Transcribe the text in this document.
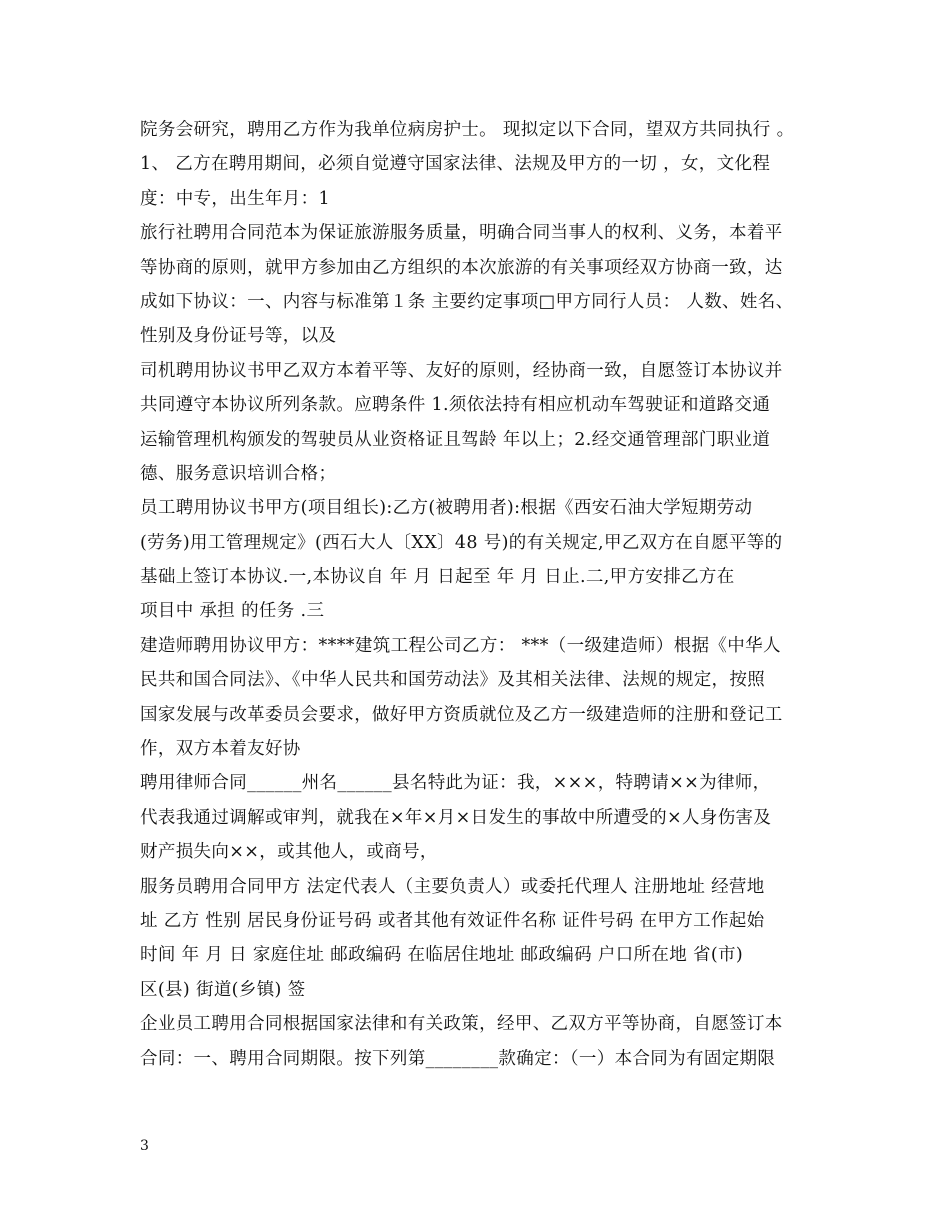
院务会研究，聘用乙方作为我单位病房护士。 现拟定以下合同，望双方共同执行 。
1、 乙方在聘用期间，必须自觉遵守国家法律、法规及甲方的一切 ，女，文化程
度：中专，出生年月：1
旅行社聘用合同范本为保证旅游服务质量，明确合同当事人的权利、义务，本着平
等协商的原则，就甲方参加由乙方组织的本次旅游的有关事项经双方协商一致，达
成如下协议：一、内容与标准第１条 主要约定事项□甲方同行人员： 人数、姓名、
性别及身份证号等，以及
司机聘用协议书甲乙双方本着平等、友好的原则，经协商一致，自愿签订本协议并
共同遵守本协议所列条款。应聘条件 1.须依法持有相应机动车驾驶证和道路交通
运输管理机构颁发的驾驶员从业资格证且驾龄 年以上；2.经交通管理部门职业道
德、服务意识培训合格；
员工聘用协议书甲方(项目组长):乙方(被聘用者):根据《西安石油大学短期劳动
(劳务)用工管理规定》(西石大人〔XX〕48 号)的有关规定,甲乙双方在自愿平等的
基础上签订本协议.一,本协议自 年 月 日起至 年 月 日止.二,甲方安排乙方在
项目中 承担 的任务 .三
建造师聘用协议甲方：****建筑工程公司乙方： ***（一级建造师）根据《中华人
民共和国合同法》、《中华人民共和国劳动法》及其相关法律、法规的规定，按照
国家发展与改革委员会要求，做好甲方资质就位及乙方一级建造师的注册和登记工
作，双方本着友好协
聘用律师合同______州名______县名特此为证：我，×××，特聘请××为律师，
代表我通过调解或审判，就我在×年×月×日发生的事故中所遭受的×人身伤害及
财产损失向××，或其他人，或商号，
服务员聘用合同甲方 法定代表人（主要负责人）或委托代理人 注册地址 经营地
址 乙方 性别 居民身份证号码 或者其他有效证件名称 证件号码 在甲方工作起始
时间 年 月 日 家庭住址 邮政编码 在临居住地址 邮政编码 户口所在地 省(市)
区(县) 街道(乡镇) 签
企业员工聘用合同根据国家法律和有关政策，经甲、乙双方平等协商，自愿签订本
合同：一、聘用合同期限。按下列第________款确定：（一）本合同为有固定期限
3
